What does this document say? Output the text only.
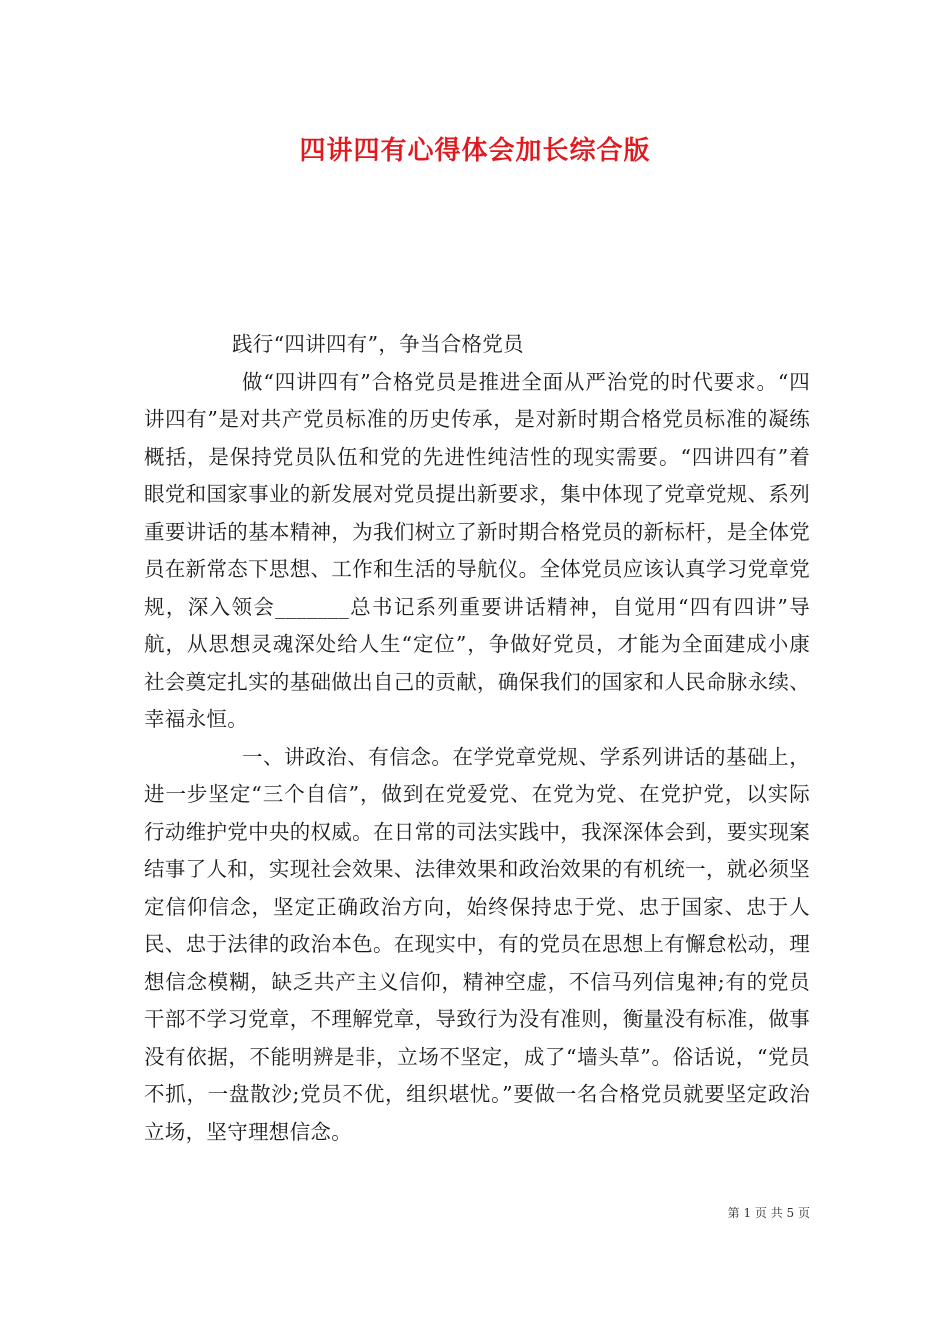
四讲四有心得体会加长综合版

践行“四讲四有”，争当合格党员

做“四讲四有”合格党员是推进全面从严治党的时代要求。“四讲四有”是对共产党员标准的历史传承，是对新时期合格党员标准的凝练概括，是保持党员队伍和党的先进性纯洁性的现实需要。“四讲四有”着眼党和国家事业的新发展对党员提出新要求，集中体现了党章党规、系列重要讲话的基本精神，为我们树立了新时期合格党员的新标杆，是全体党员在新常态下思想、工作和生活的导航仪。全体党员应该认真学习党章党规，深入领会_______总书记系列重要讲话精神，自觉用“四有四讲”导航，从思想灵魂深处给人生“定位”，争做好党员，才能为全面建成小康社会奠定扎实的基础做出自己的贡献，确保我们的国家和人民命脉永续、幸福永恒。

一、讲政治、有信念。在学党章党规、学系列讲话的基础上，进一步坚定“三个自信”，做到在党爱党、在党为党、在党护党，以实际行动维护党中央的权威。在日常的司法实践中，我深深体会到，要实现案结事了人和，实现社会效果、法律效果和政治效果的有机统一，就必须坚定信仰信念，坚定正确政治方向，始终保持忠于党、忠于国家、忠于人民、忠于法律的政治本色。在现实中，有的党员在思想上有懈怠松动，理想信念模糊，缺乏共产主义信仰，精神空虚，不信马列信鬼神;有的党员干部不学习党章，不理解党章，导致行为没有准则，衡量没有标准，做事没有依据，不能明辨是非，立场不坚定，成了“墙头草”。俗话说，“党员不抓，一盘散沙;党员不优，组织堪忧。”要做一名合格党员就要坚定政治立场，坚守理想信念。

第 1 页 共 5 页
